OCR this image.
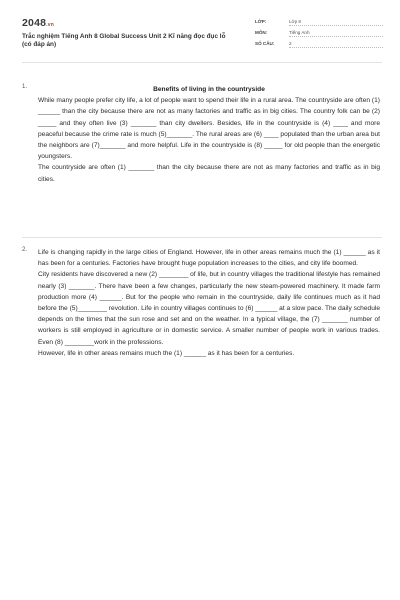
2048.vn
Trắc nghiệm Tiếng Anh 8 Global Success Unit 2 Kĩ năng đọc đục lỗ (có đáp án)
LỚP:	Lớp 8
MÔN:	Tiếng Anh
SỐ CÂU:	2
1.	Benefits of living in the countryside

While many people prefer city life, a lot of people want to spend their life in a rural area. The countryside are often (1) ______ than the city because there are not as many factories and traffic as in big cities. The country folk can be (2) _____ and they often live (3) _______ than city dwellers. Besides, life in the countryside is (4) ____ and more peaceful because the crime rate is much (5)_______. The rural areas are (6) ____ populated than the urban area but the neighbors are (7)_______ and more helpful. Life in the countryside is (8) _____ for old people than the energetic youngsters.

The countryside are often (1) _______ than the city because there are not as many factories and traffic as in big cities.

2. Life is changing rapidly in the large cities of England. However, life in other areas remains much the (1) ______ as it has been for a centuries. Factories have brought huge population increases to the cities, and city life boomed.

City residents have discovered a new (2) ________ of life, but in country villages the traditional lifestyle has remained nearly (3) _______. There have been a few changes, particularly the new steam-powered machinery. It made farm production more (4) ______. But for the people who remain in the countryside, daily life continues much as it had before the (5)________ revolution. Life in country villages continues to (6) ______ at a slow pace. The daily schedule depends on the times that the sun rose and set and on the weather. In a typical village, the (7) _______ number of workers is still employed in agriculture or in domestic service. A smaller number of people work in various trades. Even (8) ________work in the professions.

However, life in other areas remains much the (1) ______ as it has been for a centuries.
